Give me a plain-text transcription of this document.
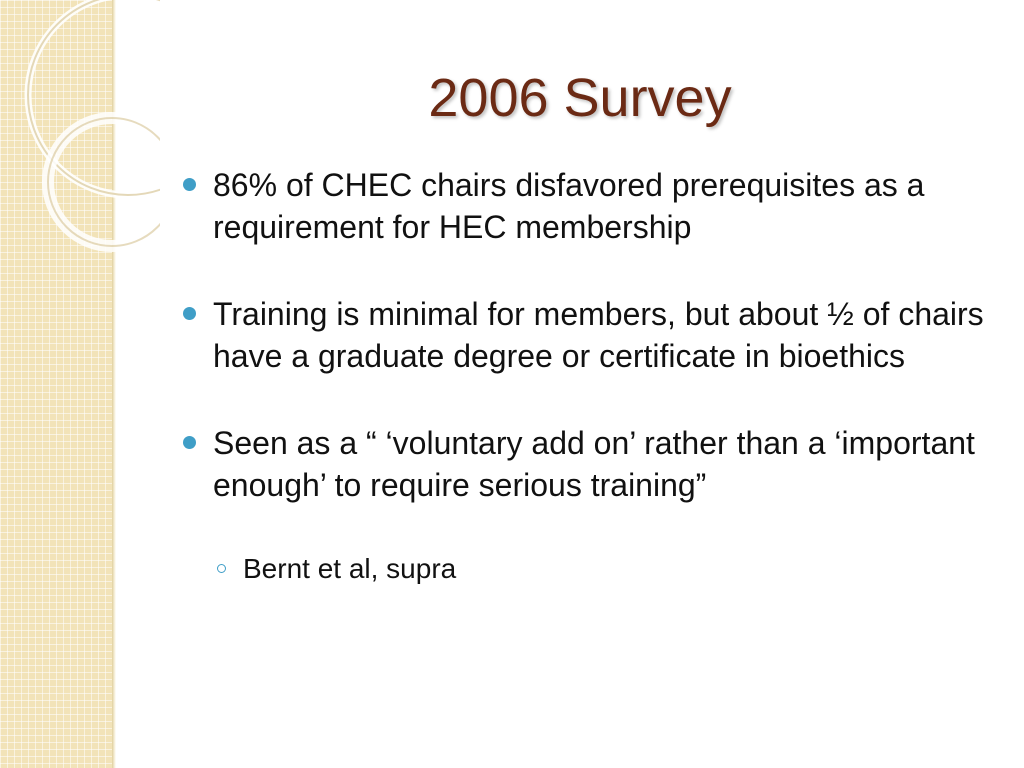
2006 Survey
86% of CHEC chairs disfavored prerequisites as a requirement for HEC membership
Training is minimal for members, but about ½ of chairs have a graduate degree or certificate in bioethics
Seen as a “ ‘voluntary add on’ rather than a ‘important enough’ to require serious training”
Bernt et al, supra
